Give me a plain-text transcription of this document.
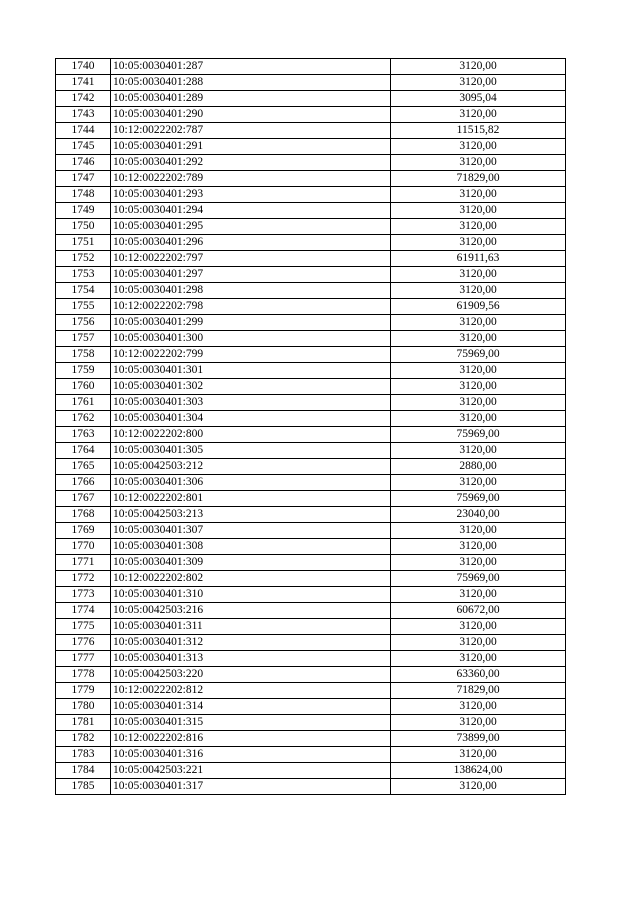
1740	10:05:0030401:287	3120,00
1741	10:05:0030401:288	3120,00
1742	10:05:0030401:289	3095,04
1743	10:05:0030401:290	3120,00
1744	10:12:0022202:787	11515,82
1745	10:05:0030401:291	3120,00
1746	10:05:0030401:292	3120,00
1747	10:12:0022202:789	71829,00
1748	10:05:0030401:293	3120,00
1749	10:05:0030401:294	3120,00
1750	10:05:0030401:295	3120,00
1751	10:05:0030401:296	3120,00
1752	10:12:0022202:797	61911,63
1753	10:05:0030401:297	3120,00
1754	10:05:0030401:298	3120,00
1755	10:12:0022202:798	61909,56
1756	10:05:0030401:299	3120,00
1757	10:05:0030401:300	3120,00
1758	10:12:0022202:799	75969,00
1759	10:05:0030401:301	3120,00
1760	10:05:0030401:302	3120,00
1761	10:05:0030401:303	3120,00
1762	10:05:0030401:304	3120,00
1763	10:12:0022202:800	75969,00
1764	10:05:0030401:305	3120,00
1765	10:05:0042503:212	2880,00
1766	10:05:0030401:306	3120,00
1767	10:12:0022202:801	75969,00
1768	10:05:0042503:213	23040,00
1769	10:05:0030401:307	3120,00
1770	10:05:0030401:308	3120,00
1771	10:05:0030401:309	3120,00
1772	10:12:0022202:802	75969,00
1773	10:05:0030401:310	3120,00
1774	10:05:0042503:216	60672,00
1775	10:05:0030401:311	3120,00
1776	10:05:0030401:312	3120,00
1777	10:05:0030401:313	3120,00
1778	10:05:0042503:220	63360,00
1779	10:12:0022202:812	71829,00
1780	10:05:0030401:314	3120,00
1781	10:05:0030401:315	3120,00
1782	10:12:0022202:816	73899,00
1783	10:05:0030401:316	3120,00
1784	10:05:0042503:221	138624,00
1785	10:05:0030401:317	3120,00
